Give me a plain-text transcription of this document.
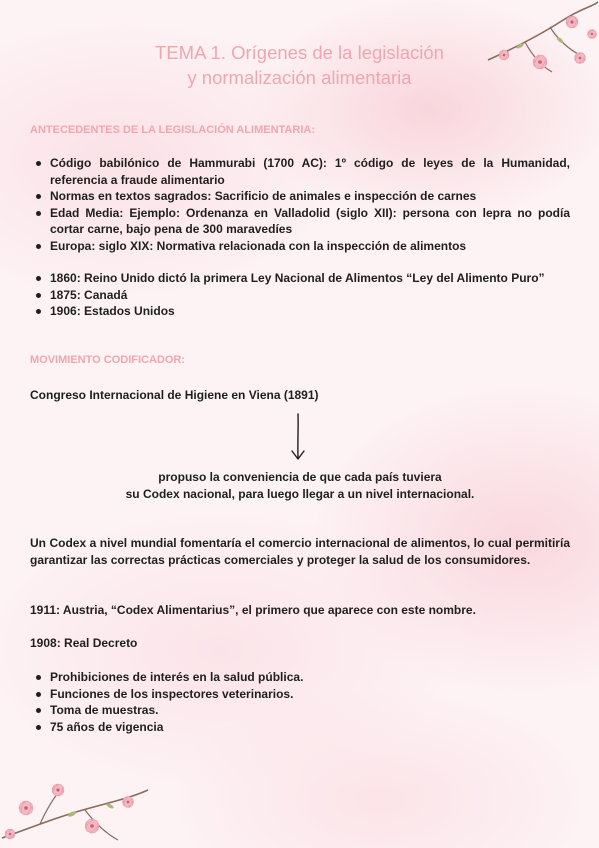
TEMA 1. Orígenes de la legislación
y normalización alimentaria
ANTECEDENTES DE LA LEGISLACIÓN ALIMENTARIA:
Código babilónico de Hammurabi (1700 AC): 1º código de leyes de la Humanidad, referencia a fraude alimentario
Normas en textos sagrados: Sacrificio de animales e inspección de carnes
Edad Media: Ejemplo: Ordenanza en Valladolid (siglo XII): persona con lepra no podía cortar carne, bajo pena de 300 maravedíes
Europa: siglo XIX: Normativa relacionada con la inspección de alimentos
1860: Reino Unido dictó la primera Ley Nacional de Alimentos “Ley del Alimento Puro”
1875: Canadá
1906: Estados Unidos
MOVIMIENTO CODIFICADOR:
Congreso Internacional de Higiene en Viena (1891)
propuso la conveniencia de que cada país tuviera
su Codex nacional, para luego llegar a un nivel internacional.
Un Codex a nivel mundial fomentaría el comercio internacional de alimentos, lo cual permitiría garantizar las correctas prácticas comerciales y proteger la salud de los consumidores.
1911: Austria, “Codex Alimentarius”, el primero que aparece con este nombre.
1908: Real Decreto
Prohibiciones de interés en la salud pública.
Funciones de los inspectores veterinarios.
Toma de muestras.
75 años de vigencia
